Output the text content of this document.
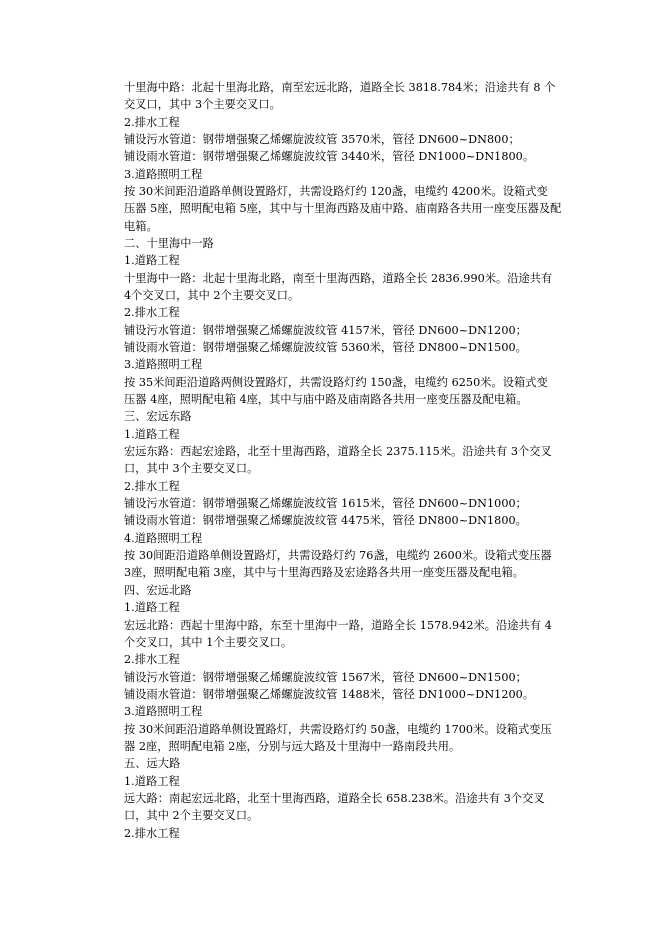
十里海中路：北起十里海北路，南至宏远北路，道路全长 3818.784米；沿途共有 8 个
交叉口，其中 3个主要交叉口。
2.排水工程
铺设污水管道：钢带增强聚乙烯螺旋波纹管 3570米，管径 DN600~DN800；
铺设雨水管道：钢带增强聚乙烯螺旋波纹管 3440米，管径 DN1000~DN1800。
3.道路照明工程
按 30米间距沿道路单侧设置路灯，共需设路灯约 120盏，电缆约 4200米。设箱式变
压器 5座，照明配电箱 5座，其中与十里海西路及庙中路、庙南路各共用一座变压器及配
电箱。
二、十里海中一路
1.道路工程
十里海中一路：北起十里海北路，南至十里海西路，道路全长 2836.990米。沿途共有
4个交叉口，其中 2个主要交叉口。
2.排水工程
铺设污水管道：钢带增强聚乙烯螺旋波纹管 4157米，管径 DN600~DN1200；
铺设雨水管道：钢带增强聚乙烯螺旋波纹管 5360米，管径 DN800~DN1500。
3.道路照明工程
按 35米间距沿道路两侧设置路灯，共需设路灯约 150盏，电缆约 6250米。设箱式变
压器 4座，照明配电箱 4座，其中与庙中路及庙南路各共用一座变压器及配电箱。
三、宏远东路
1.道路工程
宏远东路：西起宏途路，北至十里海西路，道路全长 2375.115米。沿途共有 3个交叉
口，其中 3个主要交叉口。
2.排水工程
铺设污水管道：钢带增强聚乙烯螺旋波纹管 1615米，管径 DN600~DN1000；
铺设雨水管道：钢带增强聚乙烯螺旋波纹管 4475米，管径 DN800~DN1800。
4.道路照明工程
按 30间距沿道路单侧设置路灯，共需设路灯约 76盏，电缆约 2600米。设箱式变压器
3座，照明配电箱 3座，其中与十里海西路及宏途路各共用一座变压器及配电箱。
四、宏远北路
1.道路工程
宏远北路：西起十里海中路，东至十里海中一路，道路全长 1578.942米。沿途共有 4
个交叉口，其中 1个主要交叉口。
2.排水工程
铺设污水管道：钢带增强聚乙烯螺旋波纹管 1567米，管径 DN600~DN1500；
铺设雨水管道：钢带增强聚乙烯螺旋波纹管 1488米，管径 DN1000~DN1200。
3.道路照明工程
按 30米间距沿道路单侧设置路灯，共需设路灯约 50盏，电缆约 1700米。设箱式变压
器 2座，照明配电箱 2座，分别与远大路及十里海中一路南段共用。
五、远大路
1.道路工程
远大路：南起宏远北路，北至十里海西路，道路全长 658.238米。沿途共有 3个交叉
口，其中 2个主要交叉口。
2.排水工程
